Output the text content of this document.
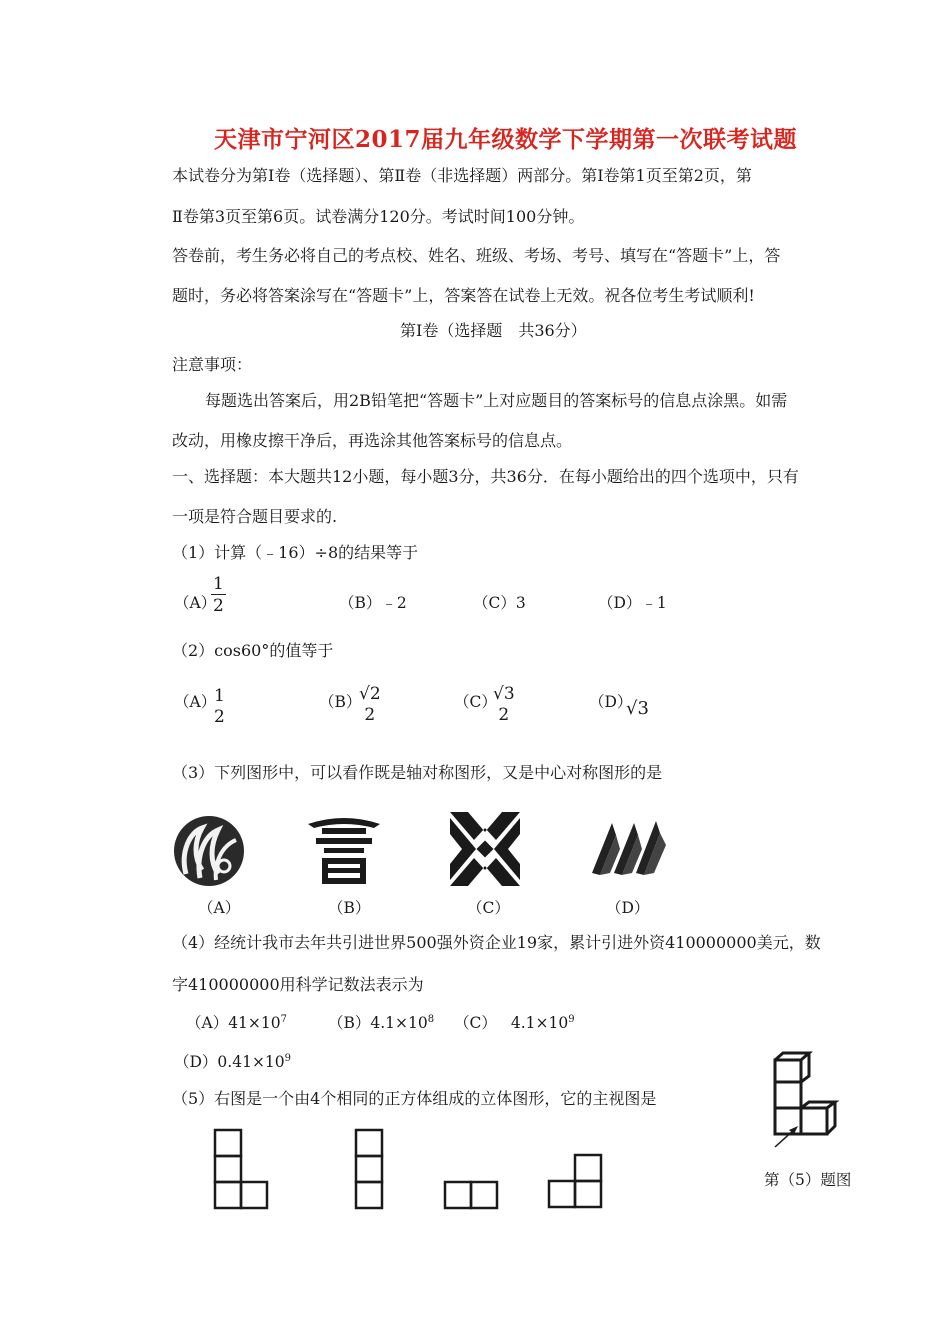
天津市宁河区2017届九年级数学下学期第一次联考试题
本试卷分为第Ⅰ卷（选择题）、第Ⅱ卷（非选择题）两部分。第Ⅰ卷第1页至第2页，第
Ⅱ卷第3页至第6页。试卷满分120分。考试时间100分钟。
答卷前，考生务必将自己的考点校、姓名、班级、考场、考号、填写在“答题卡”上，答
题时，务必将答案涂写在“答题卡”上，答案答在试卷上无效。祝各位考生考试顺利!
第Ⅰ卷（选择题　共36分）
注意事项：
每题选出答案后，用2B铅笔把“答题卡”上对应题目的答案标号的信息点涂黑。如需
改动，用橡皮擦干净后，再选涂其他答案标号的信息点。
一、选择题：本大题共12小题，每小题3分，共36分．在每小题给出的四个选项中，只有
一项是符合题目要求的.
（1）计算（﹣16）÷8的结果等于
（A）
$\frac{1}{2}$	（B）﹣2	（C）3	（D）﹣1
（2）cos60°的值等于
（A）
1
2
（B）
√2
2
（C）
√3
2
（D）
√3
（3）下列图形中，可以看作既是轴对称图形，又是中心对称图形的是
（A）	（B）	（C）	（D）
（4）经统计我市去年共引进世界500强外资企业19家，累计引进外资410000000美元，数
字410000000用科学记数法表示为
$(A)41\times 10^7$	$(B)4.1\times 10^8$ （C） $4.1\times 10^9$
$(D)0.41\times 10^9$
（5）右图是一个由4个相同的正方体组成的立体图形，它的主视图是
第（5）题图
